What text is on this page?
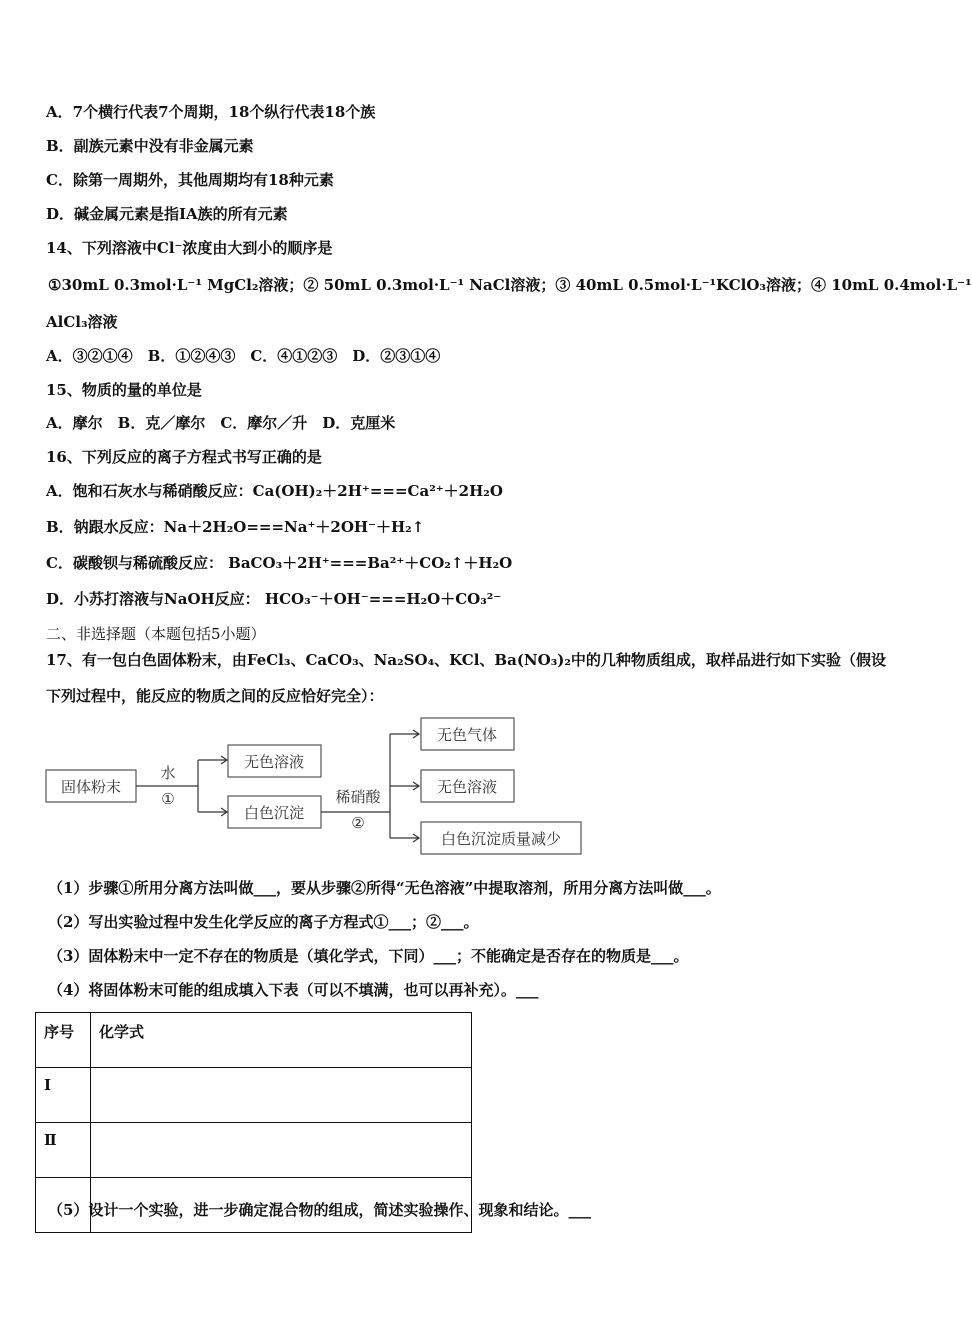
A．7个横行代表7个周期，18个纵行代表18个族
B．副族元素中没有非金属元素
C．除第一周期外，其他周期均有18种元素
D．碱金属元素是指ⅠA族的所有元素
14、下列溶液中Cl⁻浓度由大到小的顺序是
①30mL 0.3mol·L⁻¹ MgCl₂溶液；② 50mL 0.3mol·L⁻¹ NaCl溶液；③ 40mL 0.5mol·L⁻¹KClO₃溶液；④ 10mL 0.4mol·L⁻¹
AlCl₃溶液
A．③②①④　B．①②④③　C．④①②③　D．②③①④
15、物质的量的单位是
A．摩尔　B．克／摩尔　C．摩尔／升　D．克厘米
16、下列反应的离子方程式书写正确的是
A．饱和石灰水与稀硝酸反应：Ca(OH)₂＋2H⁺===Ca²⁺＋2H₂O
B．钠跟水反应：Na＋2H₂O===Na⁺＋2OH⁻＋H₂↑
C．碳酸钡与稀硫酸反应： BaCO₃＋2H⁺===Ba²⁺＋CO₂↑＋H₂O
D．小苏打溶液与NaOH反应： HCO₃⁻＋OH⁻===H₂O＋CO₃²⁻
二、非选择题（本题包括5小题）
17、有一包白色固体粉末，由FeCl₃、CaCO₃、Na₂SO₄、KCl、Ba(NO₃)₂中的几种物质组成，取样品进行如下实验（假设
下列过程中，能反应的物质之间的反应恰好完全）：
固体粉末
水
①
无色溶液
白色沉淀
稀硝酸
②
无色气体
无色溶液
白色沉淀质量减少
（1）步骤①所用分离方法叫做___，要从步骤②所得“无色溶液”中提取溶剂，所用分离方法叫做___。
（2）写出实验过程中发生化学反应的离子方程式①___；②___。
（3）固体粉末中一定不存在的物质是（填化学式，下同）___；不能确定是否存在的物质是___。
（4）将固体粉末可能的组成填入下表（可以不填满，也可以再补充）。___
序号	化学式
Ⅰ	
Ⅱ	

（5）设计一个实验，进一步确定混合物的组成，简述实验操作、现象和结论。___
